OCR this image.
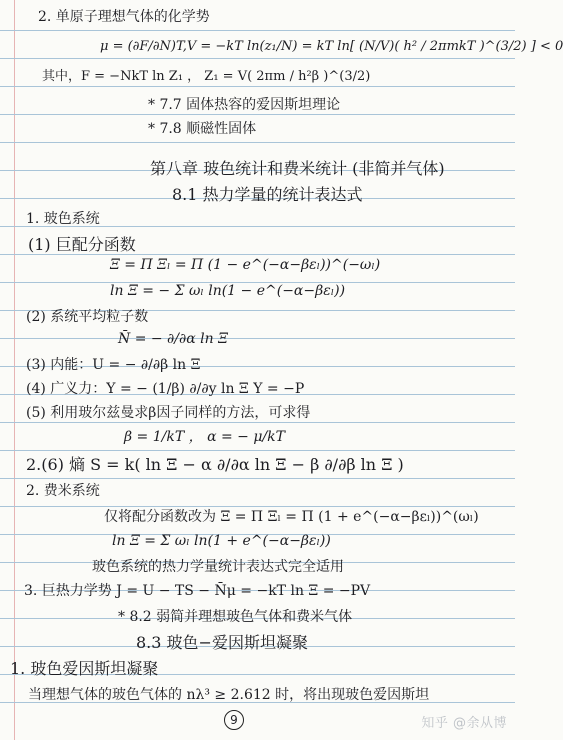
2. 单原子理想气体的化学势
μ = (∂F/∂N)T,V = −kT ln(z₁/N) = kT ln[ (N/V)( h² / 2πmkT )^(3/2) ] < 0
其中，F = −NkT ln Z₁ ， Z₁ = V( 2πm / h²β )^(3/2)
* 7.7 固体热容的爱因斯坦理论
* 7.8 顺磁性固体
第八章 玻色统计和费米统计 (非简并气体)
8.1 热力学量的统计表达式
1. 玻色系统
(1) 巨配分函数
Ξ = Π Ξₗ = Π (1 − e^(−α−βεₗ))^(−ωₗ)
ln Ξ = − Σ ωₗ ln(1 − e^(−α−βεₗ))
(2) 系统平均粒子数
N̄ = − ∂/∂α ln Ξ
(3) 内能：U = − ∂/∂β ln Ξ
(4) 广义力：Y = − (1/β) ∂/∂y ln Ξ Y = −P
(5) 利用玻尔兹曼求β因子同样的方法，可求得
β = 1/kT ， α = − μ/kT
2.(6) 熵 S = k( ln Ξ − α ∂/∂α ln Ξ − β ∂/∂β ln Ξ )
2. 费米系统
仅将配分函数改为 Ξ = Π Ξₗ = Π (1 + e^(−α−βεₗ))^(ωₗ)
ln Ξ = Σ ωₗ ln(1 + e^(−α−βεₗ))
玻色系统的热力学量统计表达式完全适用
3. 巨热力学势 J = U − TS − N̄μ = −kT ln Ξ = −PV
* 8.2 弱简并理想玻色气体和费米气体
8.3 玻色−爱因斯坦凝聚
1. 玻色爱因斯坦凝聚
当理想气体的玻色气体的 nλ³ ≥ 2.612 时，将出现玻色爱因斯坦
9	知乎 @余从博
